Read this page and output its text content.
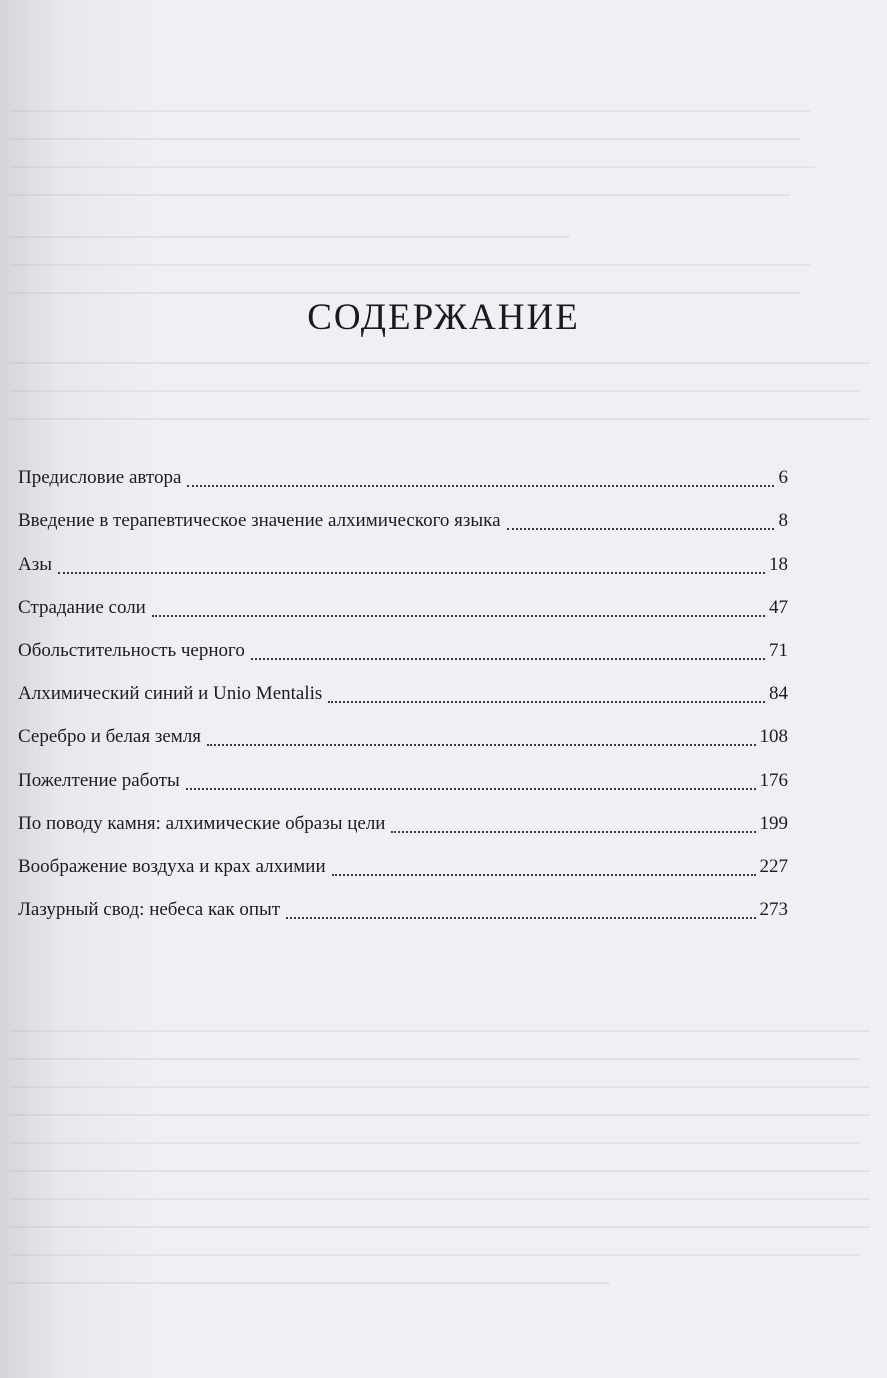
СОДЕРЖАНИЕ
Предисловие автора	6
Введение в терапевтическое значение алхимического языка	8
Азы	18
Страдание соли	47
Обольстительность черного	71
Алхимический синий и Unio Mentalis	84
Серебро и белая земля	108
Пожелтение работы	176
По поводу камня: алхимические образы цели	199
Воображение воздуха и крах алхимии	227
Лазурный свод: небеса как опыт	273
